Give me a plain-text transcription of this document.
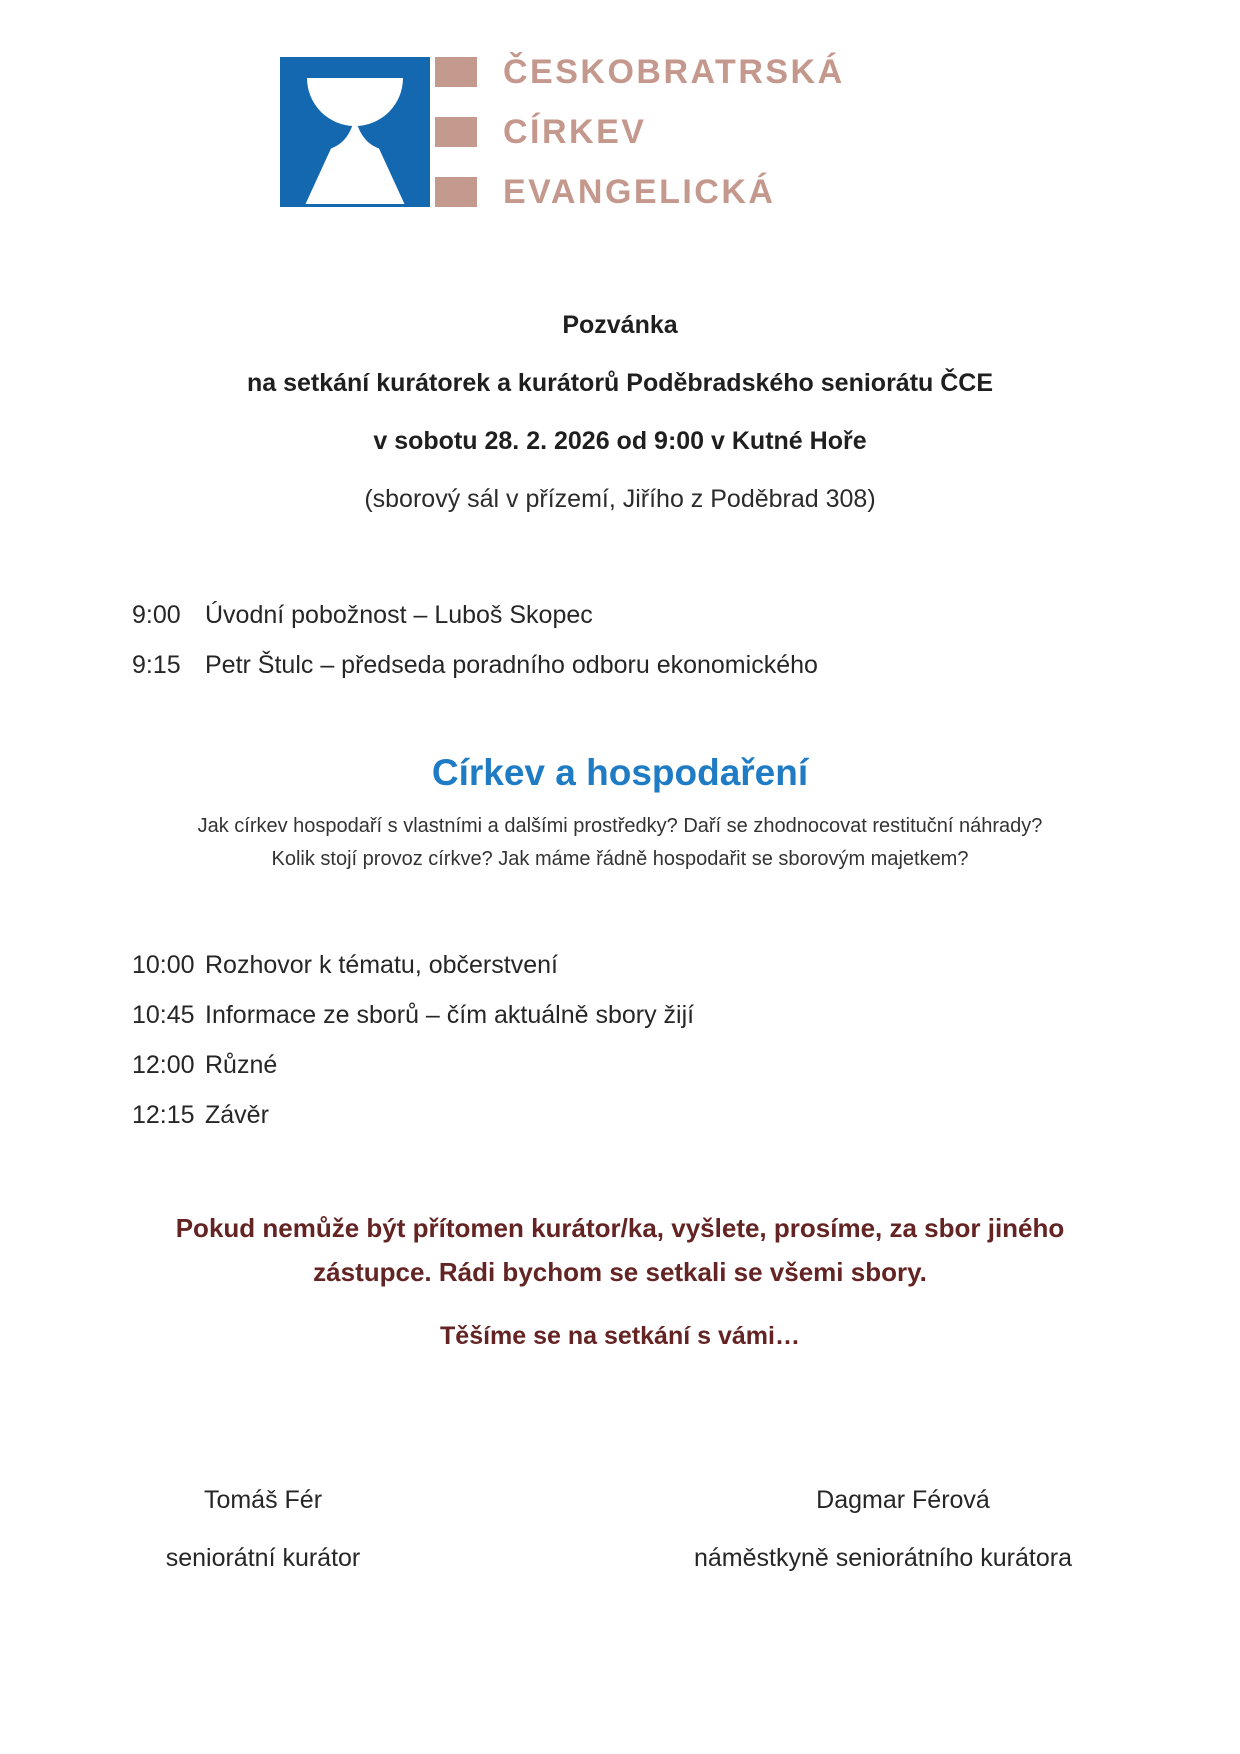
ČESKOBRATRSKÁ
CÍRKEV
EVANGELICKÁ

Pozvánka

na setkání kurátorek a kurátorů Poděbradského seniorátu ČCE

v sobotu 28. 2. 2026 od 9:00 v Kutné Hoře

(sborový sál v přízemí, Jiřího z Poděbrad 308)

9:00 Úvodní pobožnost – Luboš Skopec
9:15 Petr Štulc – předseda poradního odboru ekonomického
Církev a hospodaření

Jak církev hospodaří s vlastními a dalšími prostředky? Daří se zhodnocovat restituční náhrady?

Kolik stojí provoz církve? Jak máme řádně hospodařit se sborovým majetkem?

10:00 Rozhovor k tématu, občerstvení
10:45 Informace ze sborů – čím aktuálně sbory žijí
12:00 Různé
12:15 Závěr

Pokud nemůže být přítomen kurátor/ka, vyšlete, prosíme, za sbor jiného

zástupce. Rádi bychom se setkali se všemi sbory.

Těšíme se na setkání s vámi…

Tomáš Fér

seniorátní kurátor

Dagmar Férová

náměstkyně seniorátního kurátora
